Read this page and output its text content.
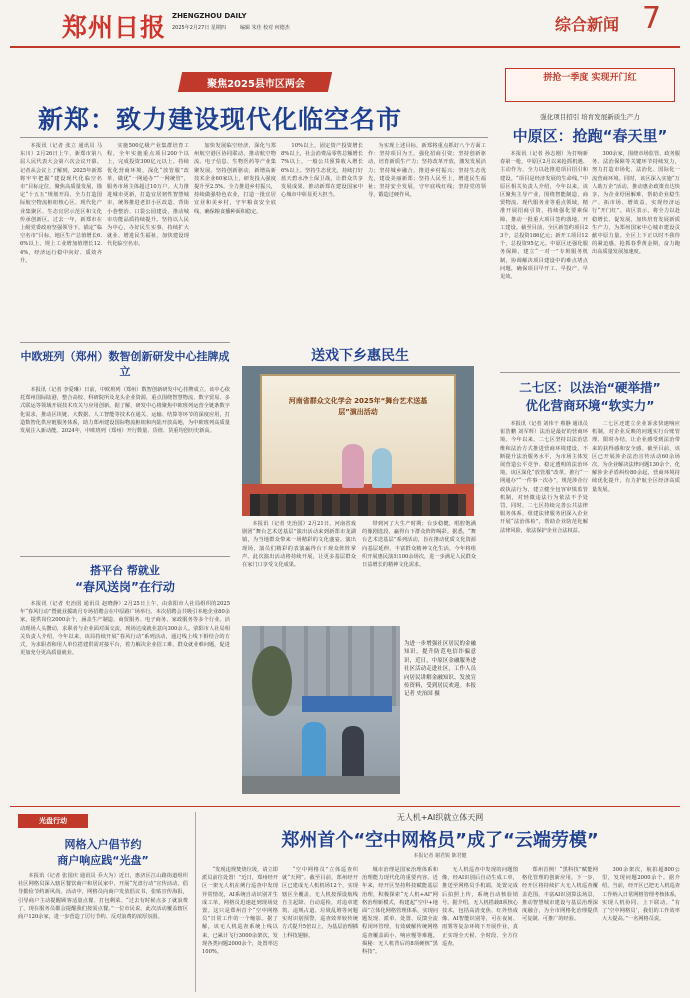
郑州日报 ZHENGZHOU DAILY
2025年2月27日 星期四	编辑 朱佳 校对 何德杰	综合新闻 7
聚焦2025县市区两会
新郑：致力建设现代化临空名市

本报讯（记者 张立 通讯员 马东川）2月26日上午，新郑市第八届人民代表大会第六次会议开幕。记者从会议上了解到，2025年新郑将牢牢把握“建设现代化临空名市”目标定位，聚焦高质量发展，锚定“十五五”规划开局，全力打造国际航空物流枢纽核心区、现代化产业集聚区、生态宜居示范区和文化传承创新区。过去一年，新郑市在上级党委政府坚强领导下，锚定“临空名市”目标，地区生产总值增长6.6%以上，规上工业增加值增长12.4%，经济运行稳中向好、质效齐升。

实施500亿级产业集群培育工程，全年实施重点项目200个以上，完成投资300亿元以上。持续优化营商环境，深化“放管服”改革，做优“一网通办”“一网统管”，服务市场主体超过10万户。大力推进城市更新，打造宜居韧性智慧城市，统筹推进老旧小区改造、背街小巷整治、口袋公园建设，推动城市功能品质持续提升。坚持以人民为中心，办好民生实事，持续扩大就业、增进民生福祉，加快建设现代化临空名市。

加快发展临空经济，深化与郑州航空港区协同联动，推动航空物流、电子信息、生物医药等产业集聚发展。坚持创新驱动，新增高新技术企业60家以上，研发投入强度提升至2.5%。全力推进乡村振兴，持续做强特色农业，打造一批宜居宜业和美乡村，守牢粮食安全底线，确保粮食播种面积稳定。

10%以上，固定资产投资增长8%以上，社会消费品零售总额增长7%以上，一般公共预算收入增长6%以上。坚持生态优先，持续打好蓝天碧水净土保卫战，让群众共享发展成果，推动新郑在建设国家中心城市中彰显更大担当。

为实现上述目标，新郑将重点抓好八个方面工作：坚持项目为王，强化招商引资；坚持创新驱动，培育新质生产力；坚持改革开放，激发发展活力；坚持城乡融合，推进乡村振兴；坚持生态优先，建设美丽新郑；坚持人民至上，增进民生福祉；坚持安全发展，守牢底线红线；坚持党的领导，锻造过硬作风。

拼抢一季度 实现开门红
强化项目招引 培育发展新质生产力
中原区：抢跑“春天里”

本报讯（记者 孙志刚）为打响新春第一枪，中原区2月以来抢抓机遇、主动作为，全力以赴推进项目招引和建设。“项目是经济发展的生命线。”中原区相关负责人介绍，今年以来，该区聚焦主导产业，围绕智能制造、商贸物流、现代服务业等重点领域，精准开展招商引资，持续强化要素保障，推动一批重大项目签约落地、开工建设。截至目前，全区新签约项目23个，总投资186亿元；新开工项目12个，总投资95亿元。中原区还强化服务保障，建立“一对一”专班服务机制，协调解决项目建设中的难点堵点问题，确保项目早开工、早投产、早见效。

300余家，围绕市场监管、政务服务、法治保障等关键环节持续发力，努力打造市场化、法治化、国际化一流营商环境。同时，该区深入实施“万人助万企”活动，推动惠企政策直达快享，为企业纾困解难，帮助企业稳生产、拓市场、增效益，实现经济运行“开门红”。该区表示，将全力以赴稳增长、促发展，加快培育发展新质生产力，为郑州国家中心城市建设贡献中原力量。全区上下正以时不我待的紧迫感，抢抓春季黄金期，奋力跑出高质量发展加速度。

中欧班列（郑州）数智创新研发中心挂牌成立

本报讯（记者 李爱琳）日前，中欧班列（郑州）数智创新研发中心挂牌成立。该中心依托郑州国际陆港，整合高校、科研院所及龙头企业资源，重点围绕智慧物流、数字贸易、多式联运等领域开展技术攻关与应用创新。据了解，研发中心将聚焦中欧班列运营全链条数字化需求，推动区块链、大数据、人工智能等技术在通关、运输、结算等环节的深度应用，打造数智化供应链服务体系，助力郑州建设国际物流枢纽和内陆开放高地，为中欧班列高质量发展注入新动能。2024年，中欧班列（郑州）开行数量、货值、货重均创历史新高。

送戏下乡惠民生
河南省群众文化学会 2025年“舞台艺术送基层”演出活动

本报讯（记者 史治国）2月21日，河南省戏剧团“舞台艺术送基层”演出活动来到新郑市龙湖镇，为当地群众带来一场精彩的文化盛宴。演出现场，演员们精彩的表演赢得台下观众阵阵掌声。此次演出活动将持续开展，让更多基层群众在家门口享受文化成果。

带到河了大生产时期；台步稳健，唱腔饱满的豫剧选段，赢得台下群众阵阵喝彩。据悉，“舞台艺术送基层”系列活动，旨在推动优质文化资源向基层延伸，丰富群众精神文化生活，今年将组织开展惠民演出100余场次，进一步满足人民群众日益增长的精神文化需求。

搭平台 帮就业
“春风送岗”在行动

本报讯（记者 史治国 通讯员 赵晓静）2月25日上午，由荥阳市人社局组织的2025年“春风行动”暨就业援助月专场招聘会在中原路广场举行。本次招聘会共吸引本地企业80余家，提供岗位2000余个，涵盖生产制造、商贸服务、电子商务、家政服务等多个行业。活动现场人头攒动，求职者与企业面对面交流，现场达成就业意向300余人。荥阳市人社局相关负责人介绍，今年以来，该局持续开展“春风行动”系列活动，通过线上线下相结合的方式，为求职者和用人单位搭建供需对接平台，着力解决企业招工难、群众就业难问题，促进更加充分更高质量就业。

为进一步增强社区居民的金融知识，提升防范电信诈骗意识，近日，中原区金融服务进社区活动走进社区，工作人员向居民讲解金融知识、发放宣传资料，受到居民欢迎。本报记者 史治国 摄
二七区：以法治“硬举措”
优化营商环境“软实力”

本报讯（记者 刘伟干 蔡静 通讯员 崔浩鹏 刘军辉）法治是最好的营商环境。今年以来，二七区坚持以法治思维和法治方式推进营商环境建设，不断提升法治服务水平，为市场主体发展营造公平竞争、稳定透明的法治环境。该区深化“放管服”改革，推行“一网通办”“一件事一次办”，规范涉企行政执法行为，建立健全包容审慎监管机制，对轻微违法行为依法不予处罚。同时，二七区持续完善公共法律服务体系，组建法律服务团深入企业开展“法治体检”，帮助企业防范化解法律风险，依法保护企业合法权益。

二七区还建立企业诉求快速响应机制，对企业反映的问题实行台账管理、限时办结，让企业感受到法治带来的获得感和安全感。截至目前，该区已开展涉企法治宣传活动60余场次，为企业解决法律问题130余个，化解涉企矛盾纠纷80余起，营商环境持续优化提升，有力护航全区经济高质量发展。

光盘行动
网格入户倡节约
商户响应践“光盘”

本报讯（记者 张国庆 通讯员 乔大为）近日，惠济区江山路街道组织社区网格员深入辖区餐饮商户和居民家中，开展“光盘行动”宣传活动，倡导勤俭节约新风尚。活动中，网格员向商户发放倡议书，张贴宣传海报，引导商户主动提醒顾客适量点餐、打包剩菜。“过去有时候点多了就浪费了，现在服务员都会提醒我们按需点餐。”一位市民说。此次活动覆盖辖区商户120余家，进一步营造了厉行节约、反对浪费的浓厚氛围。

无人机+AI织就立体天网
郑州首个“空中网格员”成了“云端劳模”
本报记者 谢君锐 陈君健

“发现违规焚烧垃圾，请立即派员前往处置！”近日，郑州经开区一架无人机在例行巡查中发现异常情况，AI系统自动识别并生成工单，网格员迅速赶到现场处置。这只是郑州首个“空中网格员”日常工作的一个缩影。据了解，该无人机巡查系统上线以来，已累计飞行3000余架次，发现各类问题2000余个，处置率达100%。

“空中网格员”立体巡查织就“天网”。截至目前，郑州经开区已建成无人机机场12个，实现辖区全覆盖，无人机按预设航线自主起降、自动巡检，对违章建筑、违规占道、垃圾乱堆等问题实时识别预警，巡查效率较传统方式提升5倍以上，为基层治理插上科技翅膀。

城市治理是国家治理体系和治理能力现代化的重要内容。近年来，经开区坚持科技赋能基层治理，积极探索“无人机+AI”网格治理新模式，构建起“空中+地面”立体化网格管理体系，实现问题发现、派单、处置、反馈全流程闭环管理，有效破解传统网格巡查覆盖面小、响应慢等难题。揭秘：无人机背后的8项硬核“黑科技”。

无人机巡查中发现的问题图像，经AI识别后自动生成工单，推送至网格员手机端，处置完成后拍照上传，系统自动核验销号。据介绍，无人机搭载8项核心技术，包括高清变焦、红外热成像、AI智能识别等，可在夜间、雨雾等复杂环境下开展作业，真正实现全天候、全时段、全方位巡查。

郑州首例！“黑科技”赋能网格化管理的创新应用。下一步，经开区将持续扩大无人机巡查覆盖范围，丰富AI识别算法场景，推动智慧城市建设与基层治理深度融合，为全市网格化治理提供可复制、可推广的经验。

300余架次，航拍超800公里，发现问题2000余个。据介绍，当前，经开区已把无人机巡查工作纳入日常网格管理考核体系，实现人机协同、上下联动。“有了‘空中网格员’，我们的工作效率大大提高。”一名网格员说。
